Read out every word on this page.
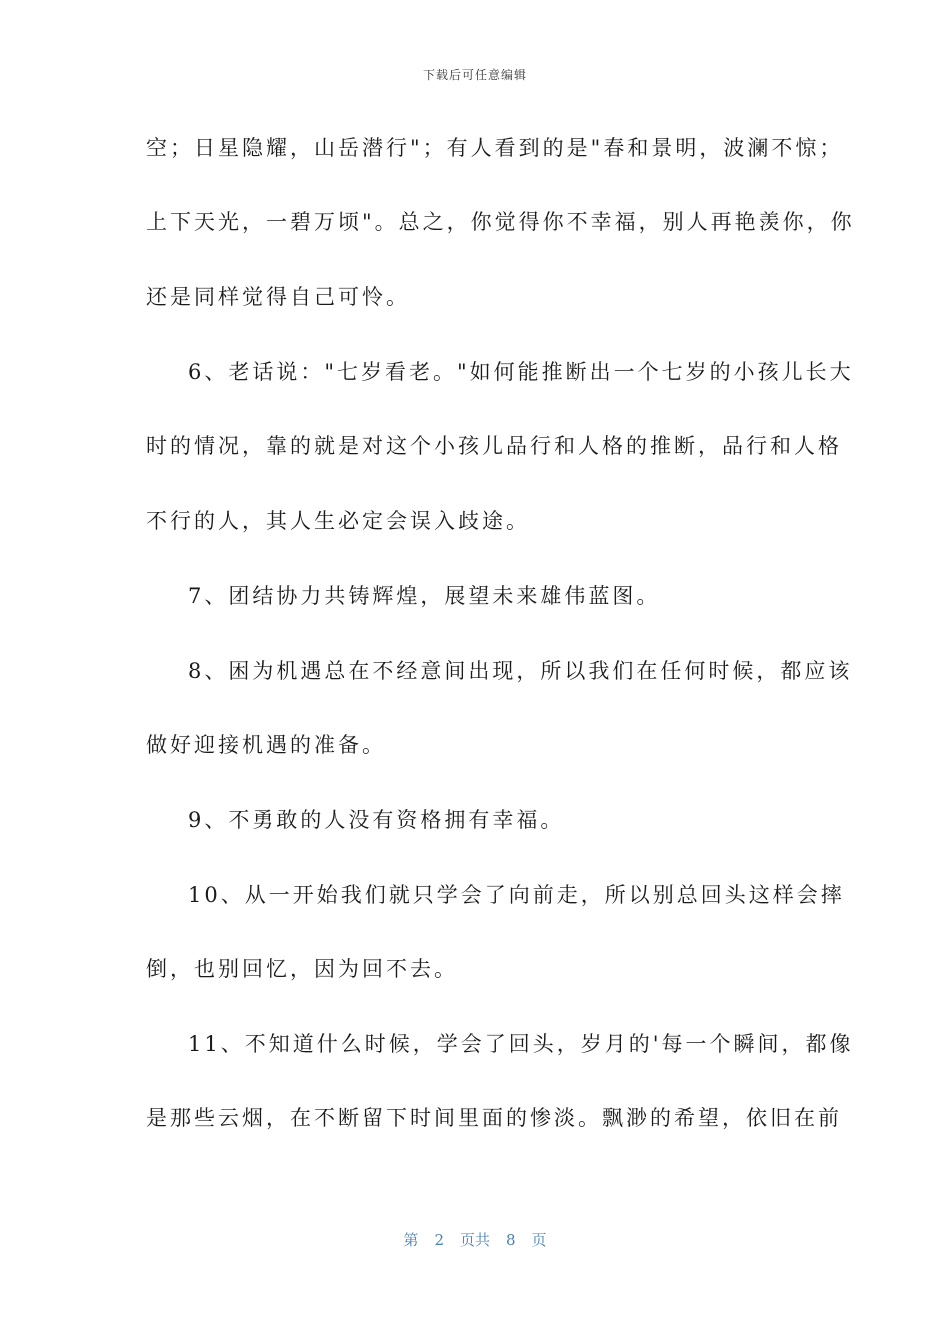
下载后可任意编辑
空；日星隐耀，山岳潜行"；有人看到的是"春和景明，波澜不惊；
上下天光，一碧万顷"。总之，你觉得你不幸福，别人再艳羡你，你
还是同样觉得自己可怜。
6、老话说："七岁看老。"如何能推断出一个七岁的小孩儿长大
时的情况，靠的就是对这个小孩儿品行和人格的推断，品行和人格
不行的人，其人生必定会误入歧途。
7、团结协力共铸辉煌，展望未来雄伟蓝图。
8、困为机遇总在不经意间出现，所以我们在任何时候，都应该
做好迎接机遇的准备。
9、不勇敢的人没有资格拥有幸福。
10、从一开始我们就只学会了向前走，所以别总回头这样会摔
倒，也别回忆，因为回不去。
11、不知道什么时候，学会了回头，岁月的'每一个瞬间，都像
是那些云烟，在不断留下时间里面的惨淡。飘渺的希望，依旧在前
第 2 页共 8 页
